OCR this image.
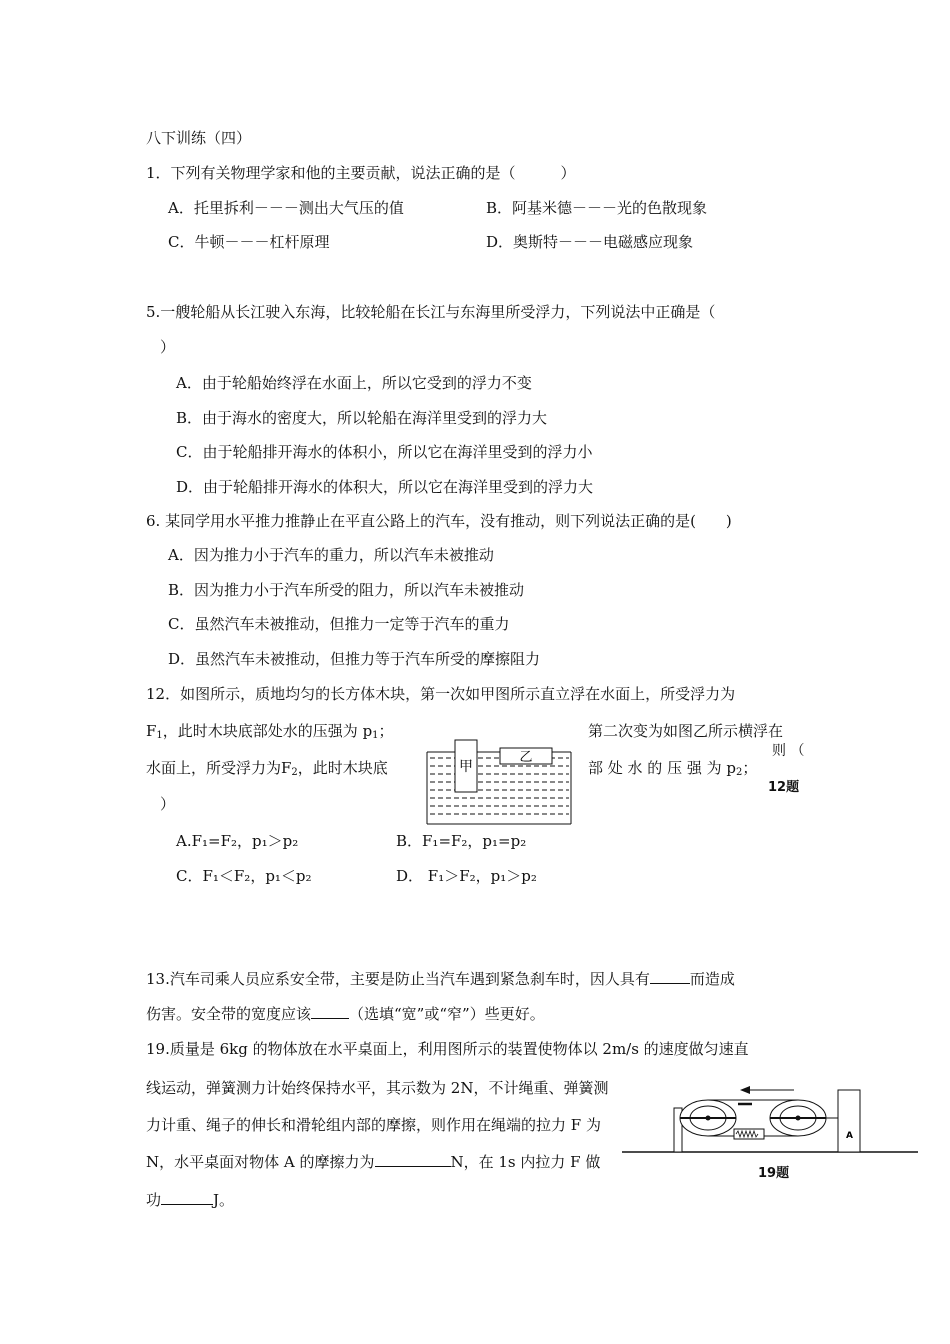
八下训练（四）
1．下列有关物理学家和他的主要贡献，说法正确的是（　　　）
A．托里拆利－－－测出大气压的值	B．阿基米德－－－光的色散现象
C．牛顿－－－杠杆原理	D．奥斯特－－－电磁感应现象
5.一艘轮船从长江驶入东海，比较轮船在长江与东海里所受浮力，下列说法中正确是（
）
A．由于轮船始终浮在水面上，所以它受到的浮力不变
B．由于海水的密度大，所以轮船在海洋里受到的浮力大
C．由于轮船排开海水的体积小，所以它在海洋里受到的浮力小
D．由于轮船排开海水的体积大，所以它在海洋里受到的浮力大
6. 某同学用水平推力推静止在平直公路上的汽车，没有推动，则下列说法正确的是(　　)
A．因为推力小于汽车的重力，所以汽车未被推动
B．因为推力小于汽车所受的阻力，所以汽车未被推动
C．虽然汽车未被推动，但推力一定等于汽车的重力
D．虽然汽车未被推动，但推力等于汽车所受的摩擦阻力
12．如图所示，质地均匀的长方体木块，第一次如甲图所示直立浮在水面上，所受浮力为
$F_1$，此时木块底部处水的压强为 $p_1$；	第二次变为如图乙所示横浮在
水面上，所受浮力为$F_2$，此时木块底	部 处 水 的 压 强 为 $p_2$；
则 （
）
12题
甲
乙
A.F₁=F₂，p₁＞p₂	B．F₁=F₂，p₁=p₂
C．F₁＜F₂，p₁＜p₂	D． F₁＞F₂，p₁＞p₂
13.汽车司乘人员应系安全带，主要是防止当汽车遇到紧急刹车时，因人具有	而造成
伤害。安全带的宽度应该	（选填“宽”或“窄”）些更好。
19.质量是 6kg 的物体放在水平桌面上，利用图所示的装置使物体以 2m/s 的速度做匀速直
线运动，弹簧测力计始终保持水平，其示数为 2N，不计绳重、弹簧测
力计重、绳子的伸长和滑轮组内部的摩擦，则作用在绳端的拉力 F 为
N，水平桌面对物体 A 的摩擦力为	N，在 1s 内拉力 F 做
功	J。
19题
A
